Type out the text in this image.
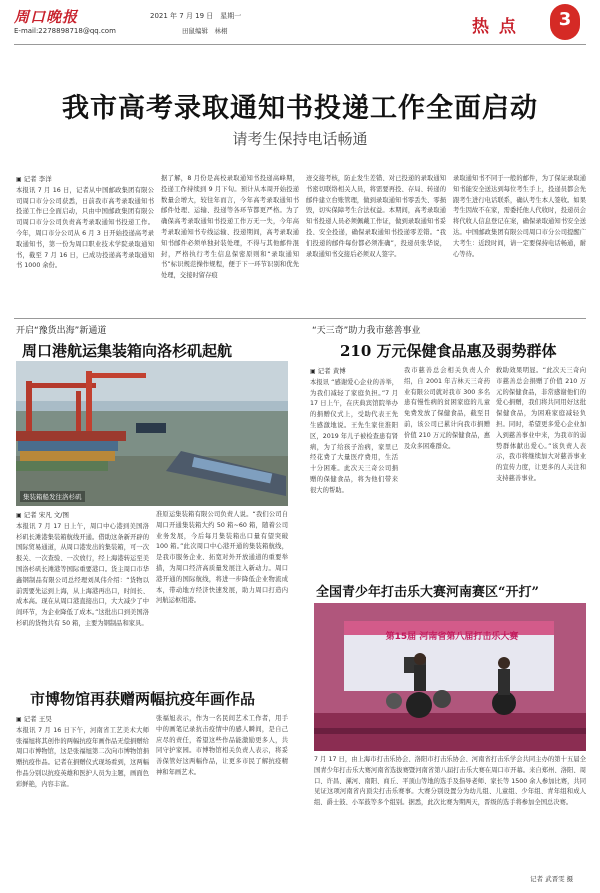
周口晚报
E-mail:2278898718@qq.com
2021 年 7 月 19 日　星期一
田鼠编辑　林栩	热 点	3
我市高考录取通知书投递工作全面启动
请考生保持电话畅通
▣ 记者 李洋
本报讯 7 月 16 日，记者从中国邮政集团有限公司周口市分公司获悉，日前我市高考录取通知书投递工作已全面启动，只由中国邮政集团有限公司周口市分公司负责高考录取通知书投递工作。今年，周口市分公司从 6 月 3 日开始投递高考录取通知书，第一份为周口职业技术学院录取通知书，截至 7 月 16 日，已成功投递高考录取通知书 1000 余份。
据了解，8 月份是高校录取通知书投递高峰期，投递工作持续到 9 月下旬。预计从本周开始投递数量会增大，较往年而言，今年高考录取通知书邮件处理、运输、投递等各环节都更严格。为了确保高考录取通知书投递工作万无一失，今年高考录取通知书专线运输、投递期间，高考录取通知书邮件必须单独封装处理，不得与其他邮件混封，严格执行考生信息保密原则和“录取通知书”标识规范操作规程，便于下一环节识别和优先处理，交接时留存痕
迹交接考核，防止发生差错、对已投递的录取通知书密切联络相关人员，将需要再投、存局、转递的邮件建立台账管理，做到录取通知书零丢失、零损毁，切实保障考生合法权益。本期间，高考录取通知书投递人员必须佩戴工作证，做到录取通知书妥投、安全投递，确保录取通知书投递零差错。“我们投递的邮件每份都必须准确”，投递员张华说，录取通知书交接后必须双人签字。
录取通知书不同于一般的邮件，为了保证录取通知书能安全送达到每位考生手上，投递员都会先跟考生进行电话联系，确认考生本人签收。如果考生因故不在家，需委托他人代收时，投递员会将代收人信息登记在案，确保录取通知书安全送达。中国邮政集团有限公司周口市分公司提醒广大考生：近段时间，请一定要保持电话畅通，耐心等待。
开启“豫货出海”新通道
周口港航运集装箱向洛杉矶起航
集装箱船发往洛杉矶
▣ 记者 宋凡 文/图
本报讯 7 月 17 日上午，周口中心港到美国洛杉矶长滩港集装箱航线开通。借助这条新开辟的国际贸易通道，从周口港发出的集装箱，可一次报关、一次查验、一次放行，经上海港转运至美国洛杉矶长滩港等国际重要港口。货主周口市华鑫钢制品有限公司总经理刘凤伟介绍：“货物以前需要先运到上海，从上海港再出口，时间长、成本高。现在从周口港直接出口，大大减少了中间环节，为企业降低了成本。”这批出口到美国洛杉矶的货物共有 50 箱，主要为钢制品和家具。
准原运集装箱有限公司负责人说。“我们公司自周口开通集装箱大约 50 箱~60 箱，随着公司业务发展，今后每月集装箱出口量有望突破 100 箱。”此次周口中心港开通的集装箱航线，是我市服务企业、拓宽对外开放通道的重要举措，为周口经济高质量发展注入新动力。周口港开通的国际航线，将进一步降低企业物流成本，带动地方经济快速发展，助力周口打造内河航运枢纽港。
“天三奇”助力我市慈善事业
210 万元保健食品惠及弱势群体
▣ 记者 黄博
本报讯 “感谢爱心企业的善举，为我们减轻了家庭负担。”7 月 17 日上午，在庆典宾馆院举办的捐赠仪式上，受助代表王先生感激地说。王先生家住淮阳区，2019 年儿子被检查患有肾病，为了给孩子治病，家里已经花费了大量医疗费用，生活十分困难。此次天三奇公司捐赠的保健食品，将为他们带来很大的帮助。
我市慈善总会相关负责人介绍，自 2001 年吉林天三奇药业有限公司就对我市 300 多名患有慢性病的贫困家庭的儿童免费发放了保健食品，截至目前，该公司已累计向我市捐赠价值 210 万元的保健食品，惠及众多困难群众。
救助效果明显。“此次天三奇向市慈善总会捐赠了价值 210 万元的保健食品，非常感谢他们的爱心捐赠，我们将共同用好这批保健食品，为困难家庭减轻负担。同时，希望更多爱心企业加入到慈善事业中来，为我市的弱势群体献出爱心。”该负责人表示，我市将继续加大对慈善事业的宣传力度，让更多的人关注和支持慈善事业。
全国青少年打击乐大赛河南赛区“开打”
第15届 河南省第八届打击乐大赛
7 月 17 日，由上海市打击乐协会、洛阳市打击乐协会、河南省打击乐学会共同主办的第十五届全国青少年打击乐大赛河南省选拔赛暨河南省第八届打击乐大赛在周口市开幕。来自郑州、洛阳、周口、许昌、漯河、南阳、商丘、平顶山等地的选手及指导老师、家长等 1500 余人参加比赛，共同见证这项河南省内顶尖打击乐赛事。大赛分别设置分为幼儿组、儿童组、少年组、青年组和成人组、爵士鼓、小军鼓等多个组别。据悉，此次比赛为期两天，晋级的选手将参加全国总决赛。
记者 武晋雯 摄
市博物馆再获赠两幅抗疫年画作品
▣ 记者 王昊
本报讯 7 月 16 日下午，河南省工艺美术大师张福旭将其创作的两幅抗疫年画作品无偿捐赠给周口市博物馆，这是张福旭第二次向市博物馆捐赠抗疫作品。记者在捐赠仪式现场看到，这两幅作品分别以抗疫英雄和医护人员为主题，画面色彩鲜艳，内容丰富。
张福旭表示，作为一名民间艺术工作者，用手中的画笔记录抗击疫情中的感人瞬间，是自己应尽的责任，希望这些作品能激励更多人，共同守护家园。市博物馆相关负责人表示，将妥善保管好这两幅作品，让更多市民了解抗疫精神和年画艺术。
